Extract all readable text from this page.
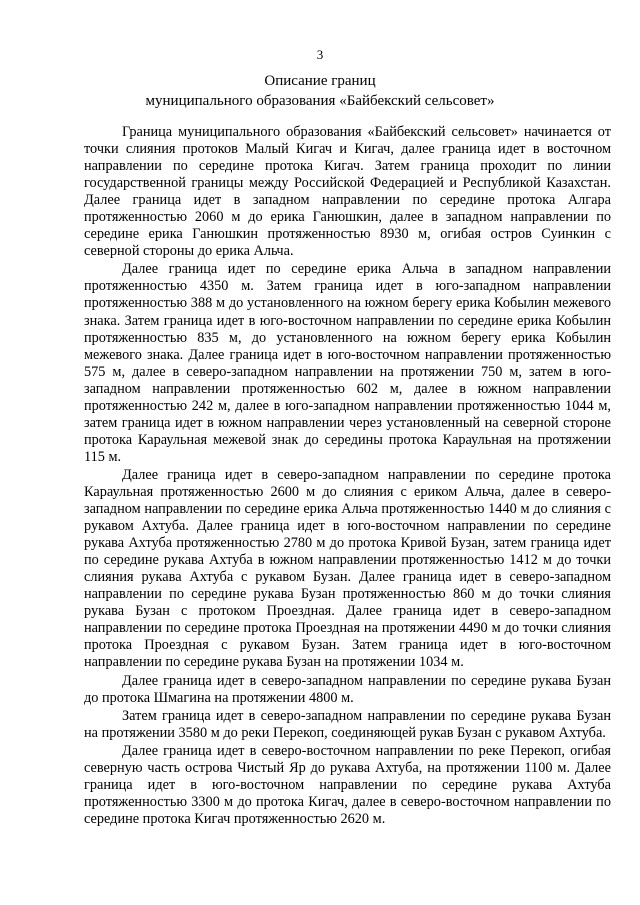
3
Описание границ
муниципального образования «Байбекский сельсовет»

Граница муниципального образования «Байбекский сельсовет» начинается от точки слияния протоков Малый Кигач и Кигач, далее граница идет в восточном направлении по середине протока Кигач. Затем граница проходит по линии государственной границы между Российской Федерацией и Республикой Казахстан. Далее граница идет в западном направлении по середине протока Алгара протяженностью 2060 м до ерика Ганюшкин, далее в западном направлении по середине ерика Ганюшкин протяженностью 8930 м, огибая остров Суинкин с северной стороны до ерика Альча.

Далее граница идет по середине ерика Альча в западном направлении протяженностью 4350 м. Затем граница идет в юго-западном направлении протяженностью 388 м до установленного на южном берегу ерика Кобылин межевого знака. Затем граница идет в юго-восточном направлении по середине ерика Кобылин протяженностью 835 м, до установленного на южном берегу ерика Кобылин межевого знака. Далее граница идет в юго-восточном направлении протяженностью 575 м, далее в северо-западном направлении на протяжении 750 м, затем в юго-западном направлении протяженностью 602 м, далее в южном направлении протяженностью 242 м, далее в юго-западном направлении протяженностью 1044 м, затем граница идет в южном направлении через установленный на северной стороне протока Караульная межевой знак до середины протока Караульная на протяжении 115 м.

Далее граница идет в северо-западном направлении по середине протока Караульная протяженностью 2600 м до слияния с ериком Альча, далее в северо-западном направлении по середине ерика Альча протяженностью 1440 м до слияния с рукавом Ахтуба. Далее граница идет в юго-восточном направлении по середине рукава Ахтуба протяженностью 2780 м до протока Кривой Бузан, затем граница идет по середине рукава Ахтуба в южном направлении протяженностью 1412 м до точки слияния рукава Ахтуба с рукавом Бузан. Далее граница идет в северо-западном направлении по середине рукава Бузан протяженностью 860 м до точки слияния рукава Бузан с протоком Проездная. Далее граница идет в северо-западном направлении по середине протока Проездная на протяжении 4490 м до точки слияния протока Проездная с рукавом Бузан. Затем граница идет в юго-восточном направлении по середине рукава Бузан на протяжении 1034 м.

Далее граница идет в северо-западном направлении по середине рукава Бузан до протока Шмагина на протяжении 4800 м.

Затем граница идет в северо-западном направлении по середине рукава Бузан на протяжении 3580 м до реки Перекоп, соединяющей рукав Бузан с рукавом Ахтуба.

Далее граница идет в северо-восточном направлении по реке Перекоп, огибая северную часть острова Чистый Яр до рукава Ахтуба, на протяжении 1100 м. Далее граница идет в юго-восточном направлении по середине рукава Ахтуба протяженностью 3300 м до протока Кигач, далее в северо-восточном направлении по середине протока Кигач протяженностью 2620 м.
